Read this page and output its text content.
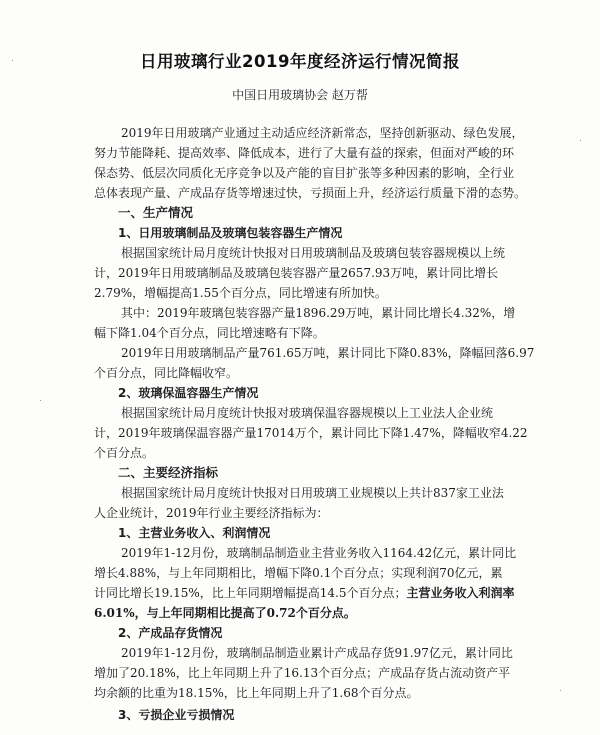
日用玻璃行业2019年度经济运行情况简报
中国日用玻璃协会 赵万帮
2019年日用玻璃产业通过主动适应经济新常态，坚持创新驱动、绿色发展，
努力节能降耗、提高效率、降低成本，进行了大量有益的探索，但面对严峻的环
保态势、低层次同质化无序竞争以及产能的盲目扩张等多种因素的影响，全行业
总体表现产量、产成品存货等增速过快，亏损面上升，经济运行质量下滑的态势。
一、生产情况
1、日用玻璃制品及玻璃包装容器生产情况
根据国家统计局月度统计快报对日用玻璃制品及玻璃包装容器规模以上统
计，2019年日用玻璃制品及玻璃包装容器产量2657.93万吨，累计同比增长
2.79%，增幅提高1.55个百分点，同比增速有所加快。
其中：2019年玻璃包装容器产量1896.29万吨，累计同比增长4.32%，增
幅下降1.04个百分点，同比增速略有下降。
2019年日用玻璃制品产量761.65万吨，累计同比下降0.83%，降幅回落6.97
个百分点，同比降幅收窄。
2、玻璃保温容器生产情况
根据国家统计局月度统计快报对玻璃保温容器规模以上工业法人企业统
计，2019年玻璃保温容器产量17014万个，累计同比下降1.47%，降幅收窄4.22
个百分点。
二、主要经济指标
根据国家统计局月度统计快报对日用玻璃工业规模以上共计837家工业法
人企业统计，2019年行业主要经济指标为：
1、主营业务收入、利润情况
2019年1-12月份，玻璃制品制造业主营业务收入1164.42亿元，累计同比
增长4.88%，与上年同期相比，增幅下降0.1个百分点；实现利润70亿元，累
计同比增长19.15%，比上年同期增幅提高14.5个百分点；主营业务收入利润率
6.01%，与上年同期相比提高了0.72个百分点。
2、产成品存货情况
2019年1-12月份，玻璃制品制造业累计产成品存货91.97亿元，累计同比
增加了20.18%，比上年同期上升了16.13个百分点；产成品存货占流动资产平
均余额的比重为18.15%，比上年同期上升了1.68个百分点。
3、亏损企业亏损情况
